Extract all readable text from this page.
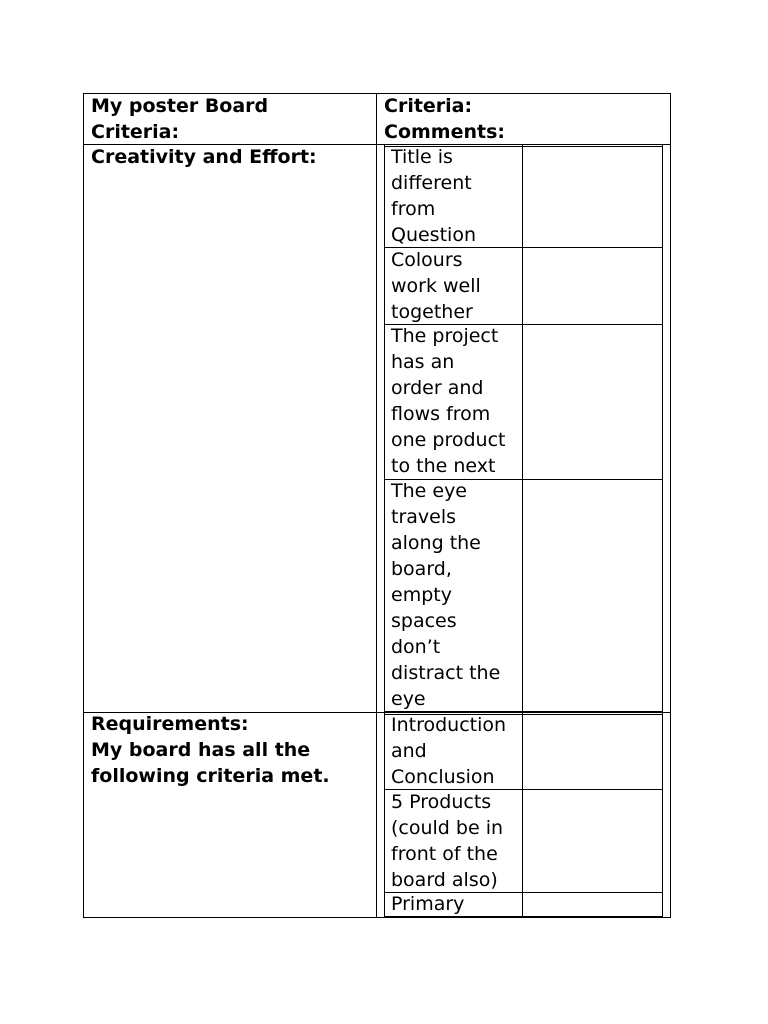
My poster Board
Criteria:
Criteria:
Comments:
Creativity and Effort:
Requirements:
My board has all the
following criteria met.
Title is
different
from
Question
Colours
work well
together
The project
has an
order and
flows from
one product
to the next
The eye
travels
along the
board,
empty
spaces
don’t
distract the
eye
Introduction
and
Conclusion
5 Products
(could be in
front of the
board also)
Primary
